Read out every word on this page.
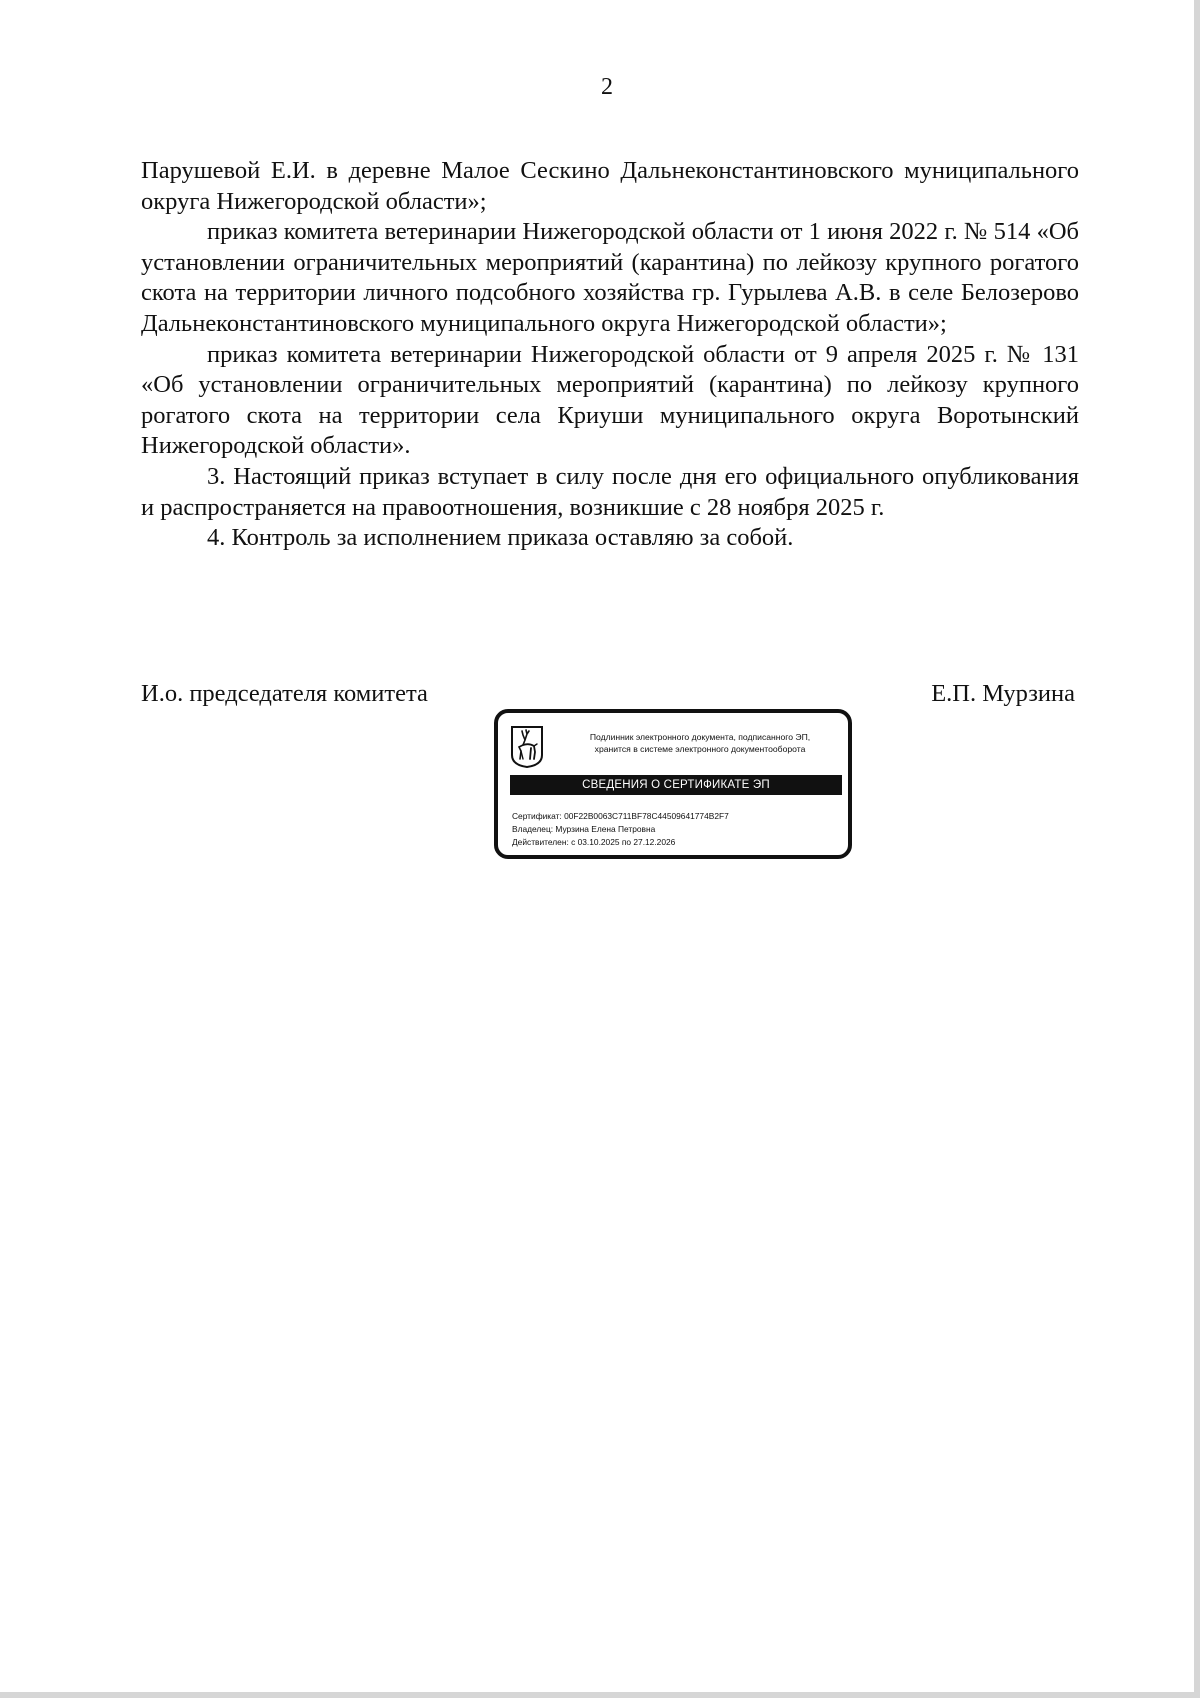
2

Парушевой Е.И. в деревне Малое Сескино Дальнеконстантиновского муниципального округа Нижегородской области»;

приказ комитета ветеринарии Нижегородской области от 1 июня 2022 г. № 514 «Об установлении ограничительных мероприятий (карантина) по лейкозу крупного рогатого скота на территории личного подсобного хозяйства гр. Гурылева А.В. в селе Белозерово Дальнеконстантиновского муниципального округа Нижегородской области»;

приказ комитета ветеринарии Нижегородской области от 9 апреля 2025 г. № 131 «Об установлении ограничительных мероприятий (карантина) по лейкозу крупного рогатого скота на территории села Криуши муниципального округа Воротынский Нижегородской области».

3. Настоящий приказ вступает в силу после дня его официального опубликования и распространяется на правоотношения, возникшие с 28 ноября 2025 г.

4. Контроль за исполнением приказа оставляю за собой.

И.о. председателя комитета	Е.П. Мурзина
Подлинник электронного документа, подписанного ЭП,
хранится в системе электронного документооборота
СВЕДЕНИЯ О СЕРТИФИКАТЕ ЭП
Сертификат: 00F22B0063C711BF78C44509641774B2F7
Владелец: Мурзина Елена Петровна
Действителен: с 03.10.2025 по 27.12.2026
